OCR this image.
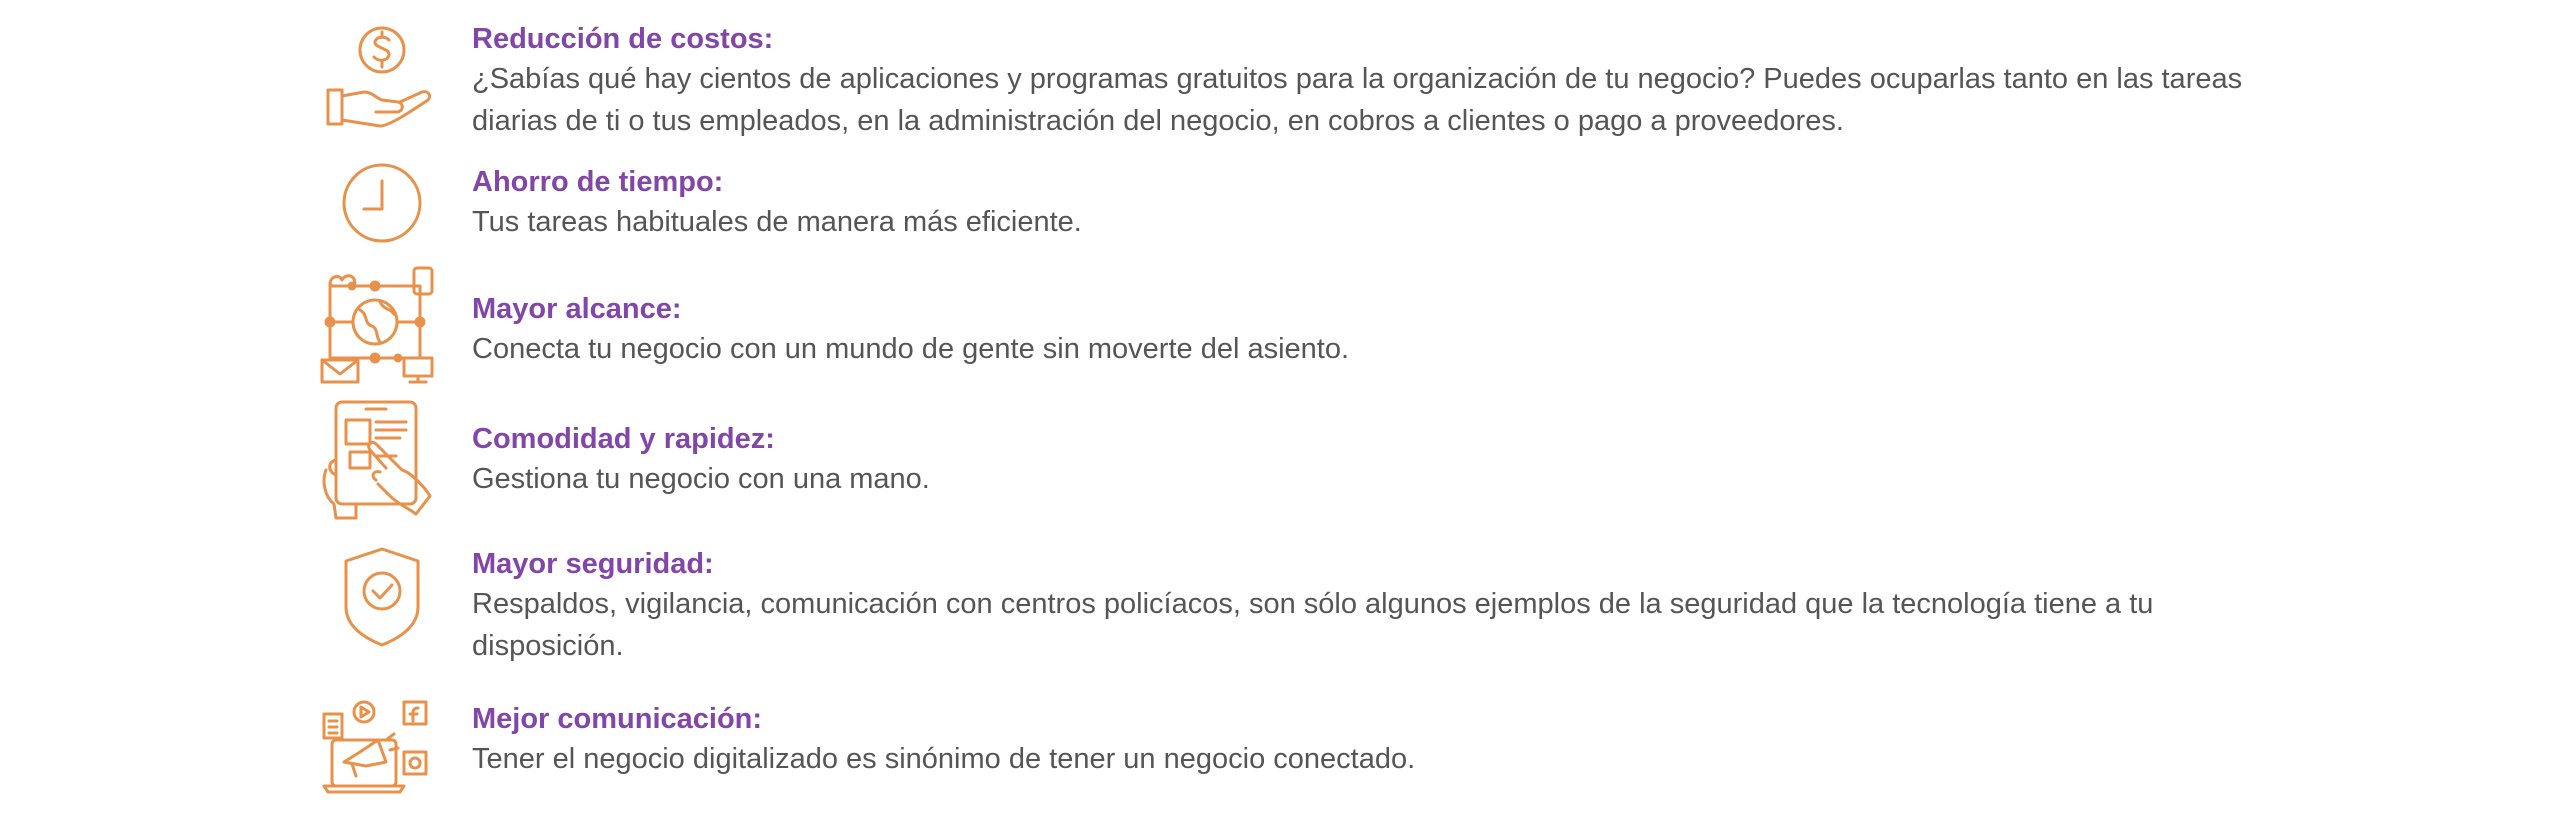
Reducción de costos:

¿Sabías qué hay cientos de aplicaciones y programas gratuitos para la organización de tu negocio? Puedes ocuparlas tanto en las tareas diarias de ti o tus empleados, en la administración del negocio, en cobros a clientes o pago a proveedores.

Ahorro de tiempo:

Tus tareas habituales de manera más eficiente.

Mayor alcance:

Conecta tu negocio con un mundo de gente sin moverte del asiento.

Comodidad y rapidez:

Gestiona tu negocio con una mano.

Mayor seguridad:

Respaldos, vigilancia, comunicación con centros policíacos, son sólo algunos ejemplos de la seguridad que la tecnología tiene a tu disposición.

Mejor comunicación:

Tener el negocio digitalizado es sinónimo de tener un negocio conectado.
